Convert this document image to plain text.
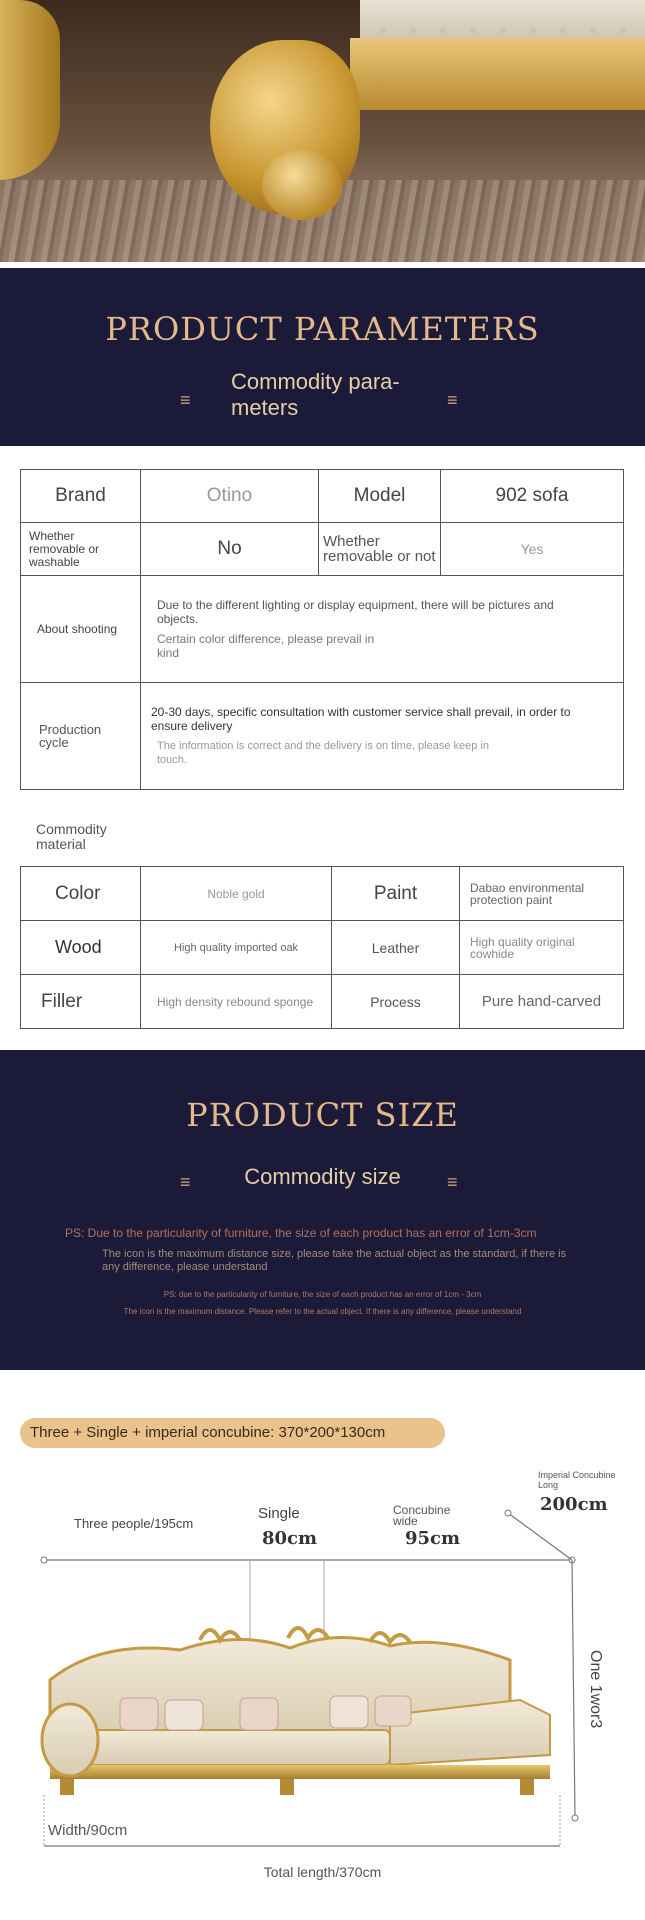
PRODUCT PARAMETERS
≡	≡
Commodity para-
meters
Brand	Otino	Model	902 sofa
Whether removable or washable	No	Whether removable or not	Yes
About shooting	Due to the different lighting or display equipment, there will be pictures and objects.
Certain color difference, please prevail in kind		

Production cycle	20-30 days, specific consultation with customer service shall prevail, in order to ensure delivery
The information is correct and the delivery is on time, please keep in touch.		
Commodity material
Color	Noble gold	Paint	Dabao environmental protection paint
Wood	High quality imported oak	Leather	High quality original cowhide
Filler	High density rebound sponge	Process	Pure hand-carved
PRODUCT SIZE
≡	≡
Commodity size
PS: Due to the particularity of furniture, the size of each product has an error of 1cm-3cm
The icon is the maximum distance size, please take the actual object as the standard, if there is any difference, please understand
PS: due to the particularity of furniture, the size of each product has an error of 1cm - 3cm
The icon is the maximum distance. Please refer to the actual object. If there is any difference, please understand
Three + Single + imperial concubine: 370*200*130cm
Imperial Concubine Long
200cm
Three people/195cm
Single
80cm
Concubine wide
95cm
One 1wor3
Width/90cm
Total length/370cm
